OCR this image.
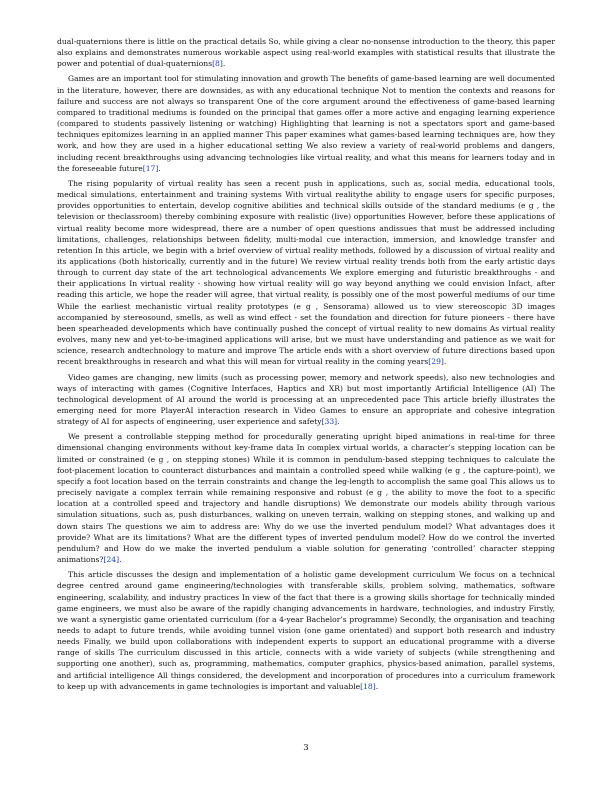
dual-quaternions there is little on the practical details So, while giving a clear no-nonsense introduction to the theory, this paper also explains and demonstrates numerous workable aspect using real-world examples with statistical results that illustrate the power and potential of dual-quaternions[8].

Games are an important tool for stimulating innovation and growth The benefits of game-based learning are well documented in the literature, however, there are downsides, as with any educational technique Not to mention the contexts and reasons for failure and success are not always so transparent One of the core argument around the effectiveness of game-based learning compared to traditional mediums is founded on the principal that games offer a more active and engaging learning experience (compared to students passively listening or watching) Highlighting that learning is not a spectators sport and game-based techniques epitomizes learning in an applied manner This paper examines what games-based learning techniques are, how they work, and how they are used in a higher educational setting We also review a variety of real-world problems and dangers, including recent breakthroughs using advancing technologies like virtual reality, and what this means for learners today and in the foreseeable future[17].

The rising popularity of virtual reality has seen a recent push in applications, such as, social media, educational tools, medical simulations, entertainment and training systems With virtual realitythe ability to engage users for specific purposes, provides opportunities to entertain, develop cognitive abilities and technical skills outside of the standard mediums (e g , the television or theclassroom) thereby combining exposure with realistic (live) opportunities However, before these applications of virtual reality become more widespread, there are a number of open questions andissues that must be addressed including limitations, challenges, relationships between fidelity, multi-modal cue interaction, immersion, and knowledge transfer and retention In this article, we begin with a brief overview of virtual reality methods, followed by a discussion of virtual reality and its applications (both historically, currently and in the future) We review virtual reality trends both from the early artistic days through to current day state of the art technological advancements We explore emerging and futuristic breakthroughs - and their applications In virtual reality - showing how virtual reality will go way beyond anything we could envision Infact, after reading this article, we hope the reader will agree, that virtual reality, is possibly one of the most powerful mediums of our time While the earliest mechanistic virtual reality prototypes (e g , Sensorama) allowed us to view stereoscopic 3D images accompanied by stereosound, smells, as well as wind effect - set the foundation and direction for future pioneers - there have been spearheaded developments which have continually pushed the concept of virtual reality to new domains As virtual reality evolves, many new and yet-to-be-imagined applications will arise, but we must have understanding and patience as we wait for science, research andtechnology to mature and improve The article ends with a short overview of future directions based upon recent breakthroughs in research and what this will mean for virtual reality in the coming years[29].

Video games are changing, new limits (such as processing power, memory and network speeds), also new technologies and ways of interacting with games (Cognitive Interfaces, Haptics and XR) but most importantly Artificial Intelligence (AI) The technological development of AI around the world is processing at an unprecedented pace This article briefly illustrates the emerging need for more PlayerAI interaction research in Video Games to ensure an appropriate and cohesive integration strategy of AI for aspects of engineering, user experience and safety[33].

We present a controllable stepping method for procedurally generating upright biped animations in real-time for three dimensional changing environments without key-frame data In complex virtual worlds, a character’s stepping location can be limited or constrained (e g , on stepping stones) While it is common in pendulum-based stepping techniques to calculate the foot-placement location to counteract disturbances and maintain a controlled speed while walking (e g , the capture-point), we specify a foot location based on the terrain constraints and change the leg-length to accomplish the same goal This allows us to precisely navigate a complex terrain while remaining responsive and robust (e g , the ability to move the foot to a specific location at a controlled speed and trajectory and handle disruptions) We demonstrate our models ability through various simulation situations, such as, push disturbances, walking on uneven terrain, walking on stepping stones, and walking up and down stairs The questions we aim to address are: Why do we use the inverted pendulum model? What advantages does it provide? What are its limitations? What are the different types of inverted pendulum model? How do we control the inverted pendulum? and How do we make the inverted pendulum a viable solution for generating ‘controlled’ character stepping animations?[24].

This article discusses the design and implementation of a holistic game development curriculum We focus on a technical degree centred around game engineering/technologies with transferable skills, problem solving, mathematics, software engineering, scalability, and industry practices In view of the fact that there is a growing skills shortage for technically minded game engineers, we must also be aware of the rapidly changing advancements in hardware, technologies, and industry Firstly, we want a synergistic game orientated curriculum (for a 4-year Bachelor’s programme) Secondly, the organisation and teaching needs to adapt to future trends, while avoiding tunnel vision (one game orientated) and support both research and industry needs Finally, we build upon collaborations with independent experts to support an educational programme with a diverse range of skills The curriculum discussed in this article, connects with a wide variety of subjects (while strengthening and supporting one another), such as, programming, mathematics, computer graphics, physics-based animation, parallel systems, and artificial intelligence All things considered, the development and incorporation of procedures into a curriculum framework to keep up with advancements in game technologies is important and valuable[18].

3
